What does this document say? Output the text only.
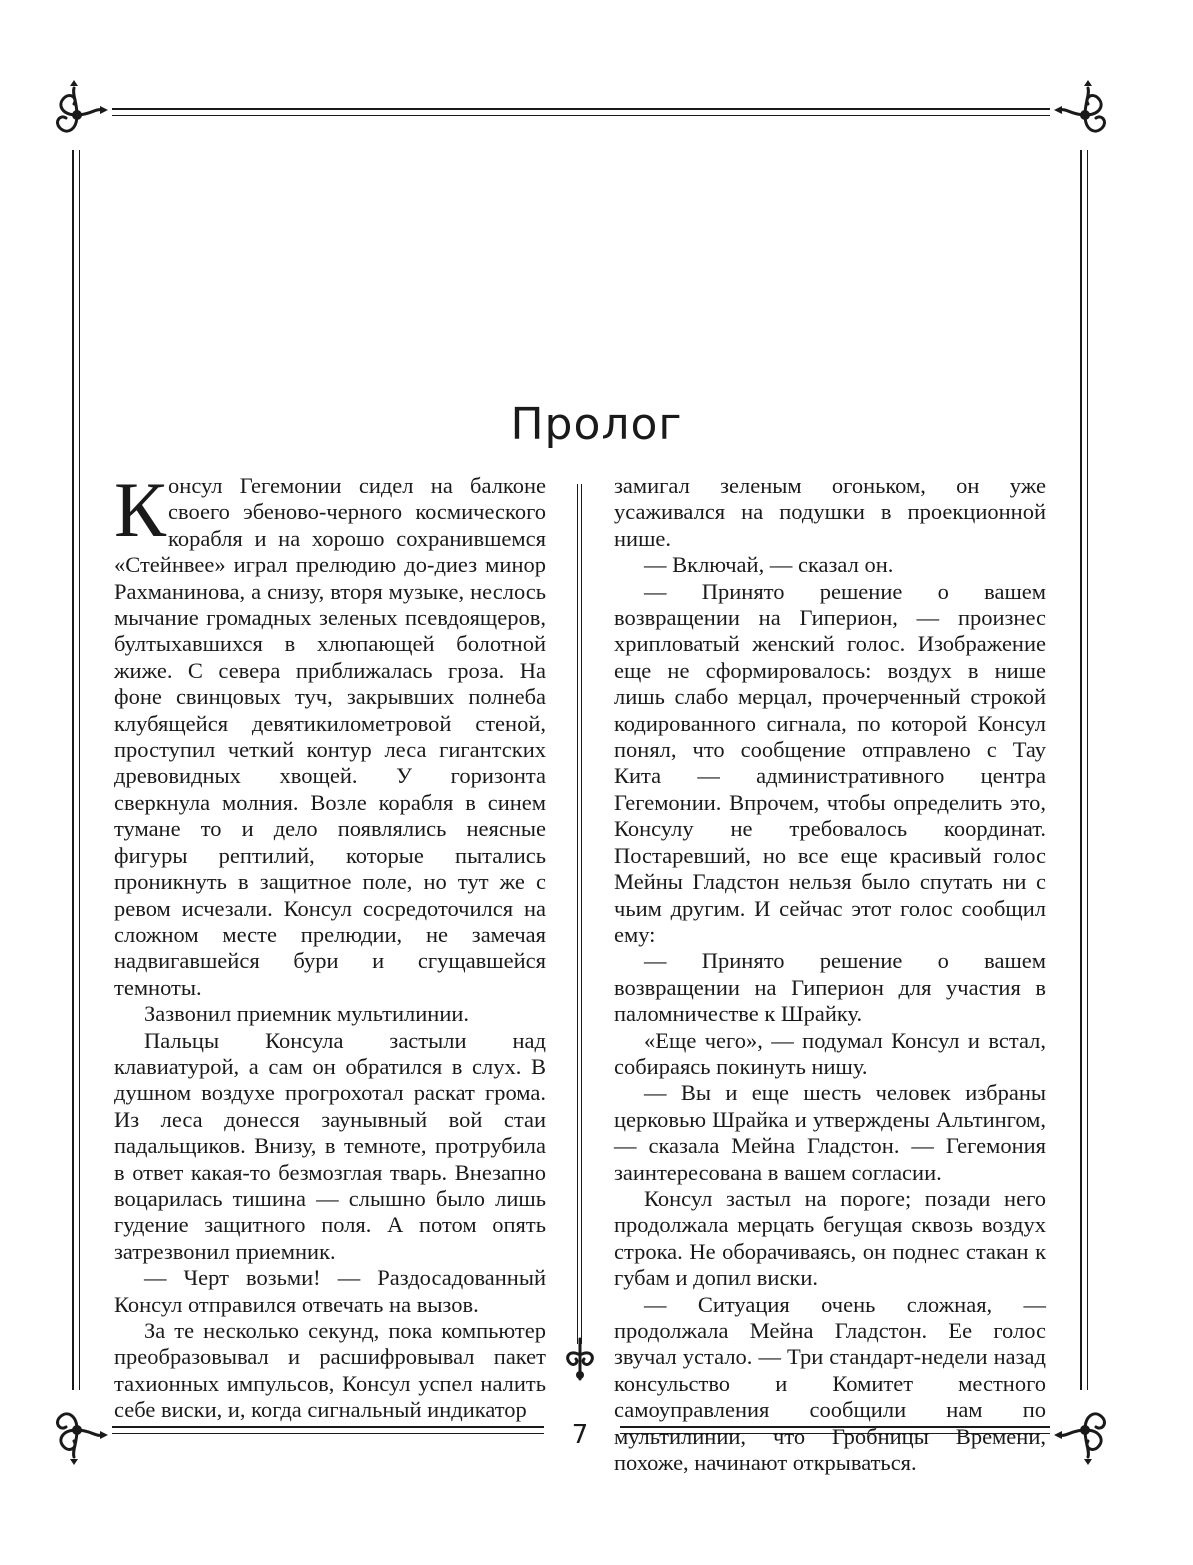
Пролог

Консул Гегемонии сидел на балконе своего эбеново-черного космического корабля и на хорошо сохранившемся «Стейнвее» играл прелюдию до-диез минор Рахманинова, а снизу, вторя музыке, неслось мычание громадных зеленых псевдоящеров, бултыхавшихся в хлюпающей болотной жиже. С севера приближалась гроза. На фоне свинцовых туч, закрывших полнеба клубящейся девятикилометровой стеной, проступил четкий контур леса гигантских древовидных хвощей. У горизонта сверкнула молния. Возле корабля в синем тумане то и дело появлялись неясные фигуры рептилий, которые пытались проникнуть в защитное поле, но тут же с ревом исчезали. Консул сосредоточился на сложном месте прелюдии, не замечая надвигавшейся бури и сгущавшейся темноты.

Зазвонил приемник мультилинии.

Пальцы Консула застыли над клавиатурой, а сам он обратился в слух. В душном воздухе прогрохотал раскат грома. Из леса донесся заунывный вой стаи падальщиков. Внизу, в темноте, протрубила в ответ какая-то безмозглая тварь. Внезапно воцарилась тишина — слышно было лишь гудение защитного поля. А потом опять затрезвонил приемник.

— Черт возьми! — Раздосадованный Консул отправился отвечать на вызов.

За те несколько секунд, пока компьютер преобразовывал и расшифровывал пакет тахионных импульсов, Консул успел налить себе виски, и, когда сигнальный индикатор

замигал зеленым огоньком, он уже усаживался на подушки в проекционной нише.

— Включай, — сказал он.

— Принято решение о вашем возвращении на Гиперион, — произнес хрипловатый женский голос. Изображение еще не сформировалось: воздух в нише лишь слабо мерцал, прочерченный строкой кодированного сигнала, по которой Консул понял, что сообщение отправлено с Тау Кита — административного центра Гегемонии. Впрочем, чтобы определить это, Консулу не требовалось координат. Постаревший, но все еще красивый голос Мейны Гладстон нельзя было спутать ни с чьим другим. И сейчас этот голос сообщил ему:

— Принято решение о вашем возвращении на Гиперион для участия в паломничестве к Шрайку.

«Еще чего», — подумал Консул и встал, собираясь покинуть нишу.

— Вы и еще шесть человек избраны церковью Шрайка и утверждены Альтингом, — сказала Мейна Гладстон. — Гегемония заинтересована в вашем согласии.

Консул застыл на пороге; позади него продолжала мерцать бегущая сквозь воздух строка. Не оборачиваясь, он поднес стакан к губам и допил виски.

— Ситуация очень сложная, — продолжала Мейна Гладстон. Ее голос звучал устало. — Три стандарт-недели назад консульство и Комитет местного самоуправления сообщили нам по мультилинии, что Гробницы Времени, похоже, начинают открываться.

7
